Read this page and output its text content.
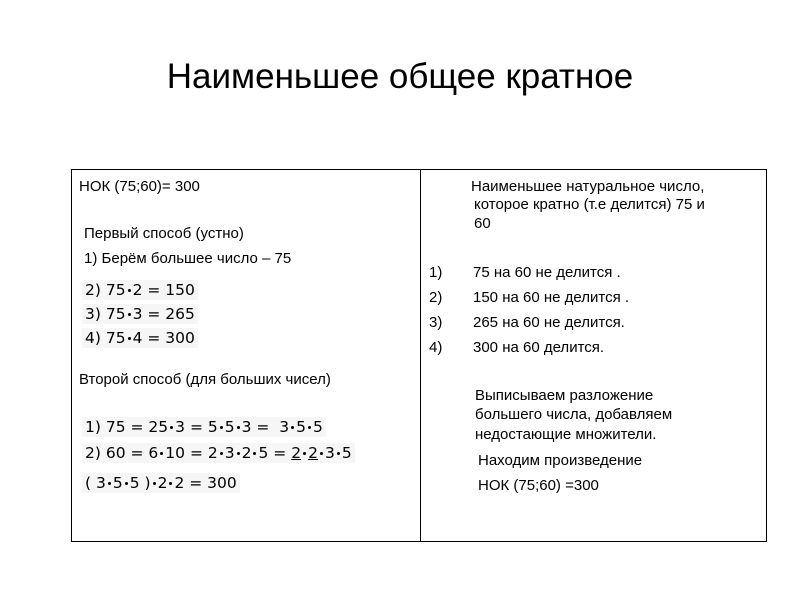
Наименьшее общее кратное
НОК (75;60)= 300
Первый способ (устно)
1) Берём большее число – 75
2) 75 2 = 150
3) 75 3 = 265
4) 75 4 = 300
Второй способ (для больших чисел)
1) 75 = 25 3 = 5 5 3 = 3 5 5
2) 60 = 6 10 = 2 3 2 5 = 2 2 3 5
( 3 5 5 ) 2 2 = 300
Наименьшее натуральное число,
которое кратно (т.е делится) 75 и
60
1) 75 на 60 не делится .
2) 150 на 60 не делится .
3) 265 на 60 не делится.
4) 300 на 60 делится.
Выписываем разложение
большего числа, добавляем
недостающие множители.
Находим произведение
НОК (75;60) =300
